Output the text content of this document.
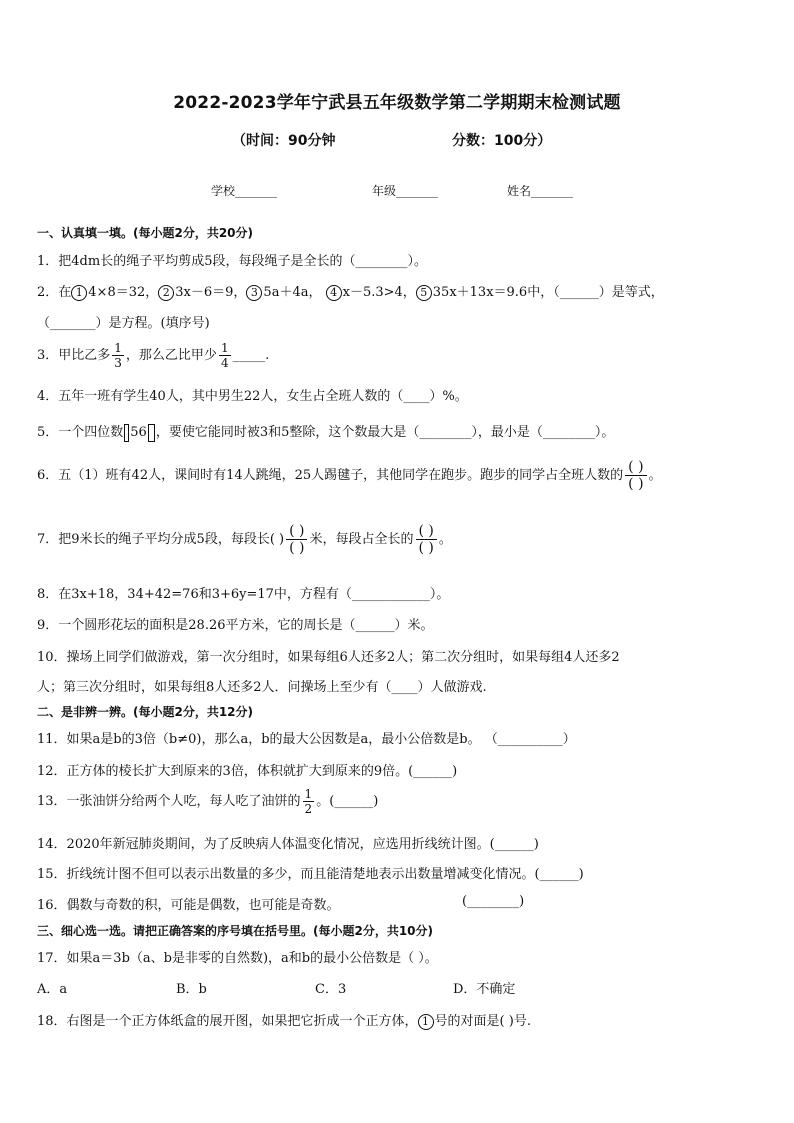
2022-2023学年宁武县五年级数学第二学期期末检测试题
（时间：90分钟	分数：100分）
学校_______	年级_______	姓名_______
一、认真填一填。(每小题2分，共20分)
1．把4dm长的绳子平均剪成5段，每段绳子是全长的（________）。
2．在 1 4×8＝32， 2 3x－6＝9， 3 5a＋4a， 4 x－5.3>4， 5 35x＋13x＝9.6中，（______）是等式，
（_______）是方程。(填序号)
3．甲比乙多 $\frac{1}{3}$ ，那么乙比甲少 $\frac{1}{4}$ _____.
4．五年一班有学生40人，其中男生22人，女生占全班人数的（____）%。
5．一个四位数 56 ，要使它能同时被3和5整除，这个数最大是（________），最小是（________）。
6．五（1）班有42人，课间时有14人跳绳，25人踢毽子，其他同学在跑步。跑步的同学占全班人数的 $\frac{( )}{( )}$ 。
7．把9米长的绳子平均分成5段，每段长( ) $\frac{( )}{( )}$ 米，每段占全长的 $\frac{( )}{( )}$ 。
8．在3x+18，34+42=76和3+6y=17中，方程有（____________）。
9．一个圆形花坛的面积是28.26平方米，它的周长是（______）米。
10．操场上同学们做游戏，第一次分组时，如果每组6人还多2人；第二次分组时，如果每组4人还多2
人；第三次分组时，如果每组8人还多2人．问操场上至少有（____）人做游戏.
二、是非辨一辨。(每小题2分，共12分)
11．如果a是b的3倍（b≠0)，那么a，b的最大公因数是a，最小公倍数是b。 （__________）
12．正方体的棱长扩大到原来的3倍，体积就扩大到原来的9倍。(______)
13．一张油饼分给两个人吃，每人吃了油饼的 $\frac{1}{2}$ 。(______)
14．2020年新冠肺炎期间，为了反映病人体温变化情况，应选用折线统计图。(______)
15．折线统计图不但可以表示出数量的多少，而且能清楚地表示出数量增减变化情况。(______)
16．偶数与奇数的积，可能是偶数，也可能是奇数。	(________)
三、细心选一选。请把正确答案的序号填在括号里。(每小题2分，共10分)
17．如果a＝3b（a、b是非零的自然数)，a和b的最小公倍数是（ ）。
A．a	B．b	C．3	D．不确定
18．右图是一个正方体纸盒的展开图，如果把它折成一个正方体， 1 号的对面是( )号.
